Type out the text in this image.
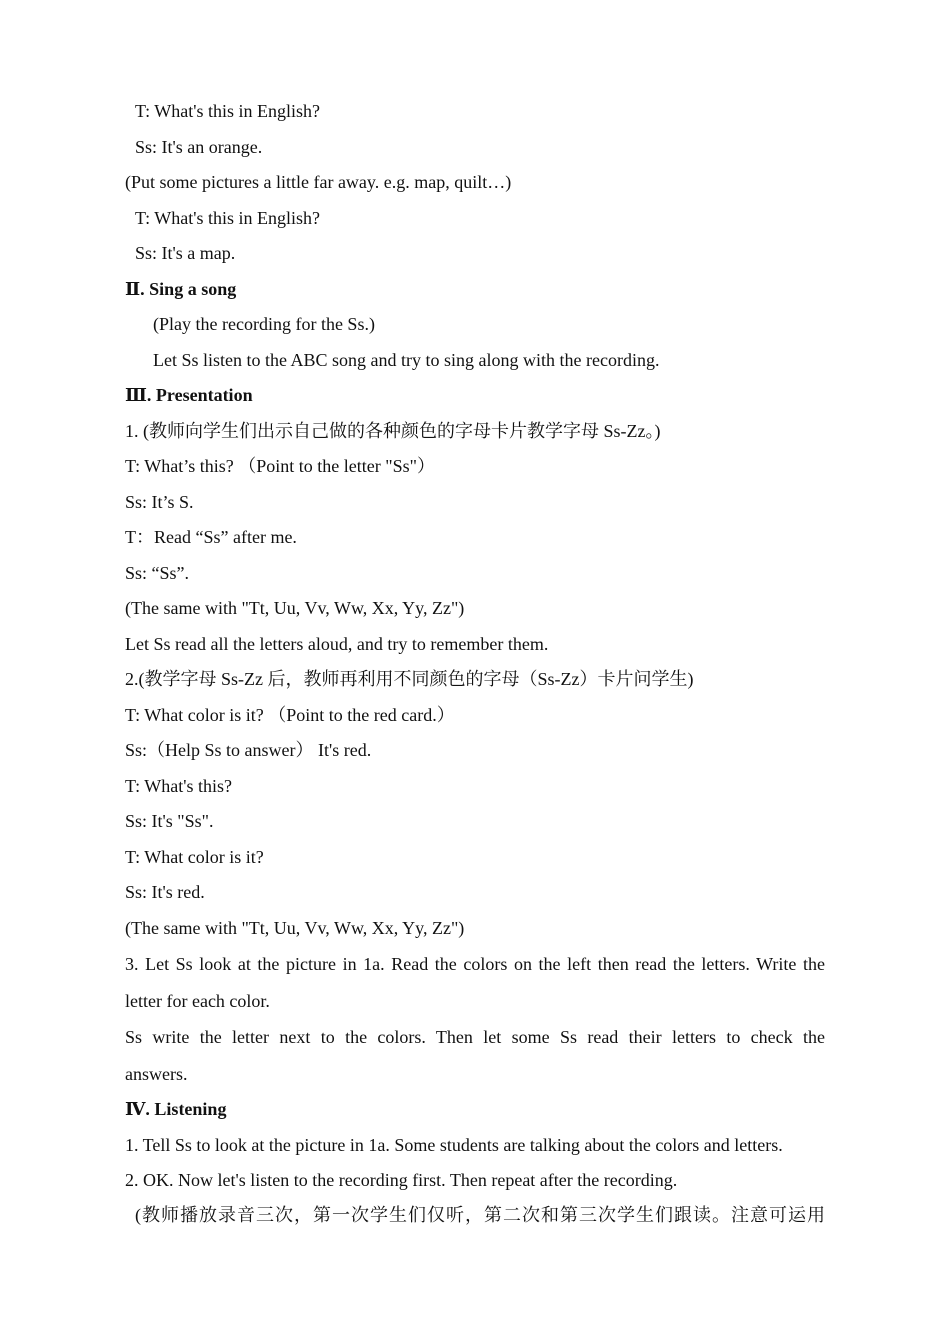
T: What's this in English?
Ss: It's an orange.
(Put some pictures a little far away. e.g. map, quilt…)
T: What's this in English?
Ss: It's a map.
Ⅱ. Sing a song
(Play the recording for the Ss.)
Let Ss listen to the ABC song and try to sing along with the recording.
Ⅲ. Presentation
1. (教师向学生们出示自己做的各种颜色的字母卡片教学字母 Ss-Zz。)
T: What’s this? （Point to the letter "Ss"）
Ss: It’s S.
T：Read “Ss” after me.
Ss: “Ss”.
(The same with "Tt, Uu, Vv, Ww, Xx, Yy, Zz")
Let Ss read all the letters aloud, and try to remember them.
2.(教学字母 Ss-Zz 后，教师再利用不同颜色的字母（Ss-Zz）卡片问学生)
T: What color is it? （Point to the red card.）
Ss:（Help Ss to answer） It's red.
T: What's this?
Ss: It's "Ss".
T: What color is it?
Ss: It's red.
(The same with "Tt, Uu, Vv, Ww, Xx, Yy, Zz")
3. Let Ss look at the picture in 1a. Read the colors on the left then read the letters. Write the
letter for each color.
Ss write the letter next to the colors. Then let some Ss read their letters to check the
answers.
Ⅳ. Listening
1. Tell Ss to look at the picture in 1a. Some students are talking about the colors and letters.
2. OK. Now let's listen to the recording first. Then repeat after the recording.
(教师播放录音三次，第一次学生们仅听，第二次和第三次学生们跟读。注意可运用
